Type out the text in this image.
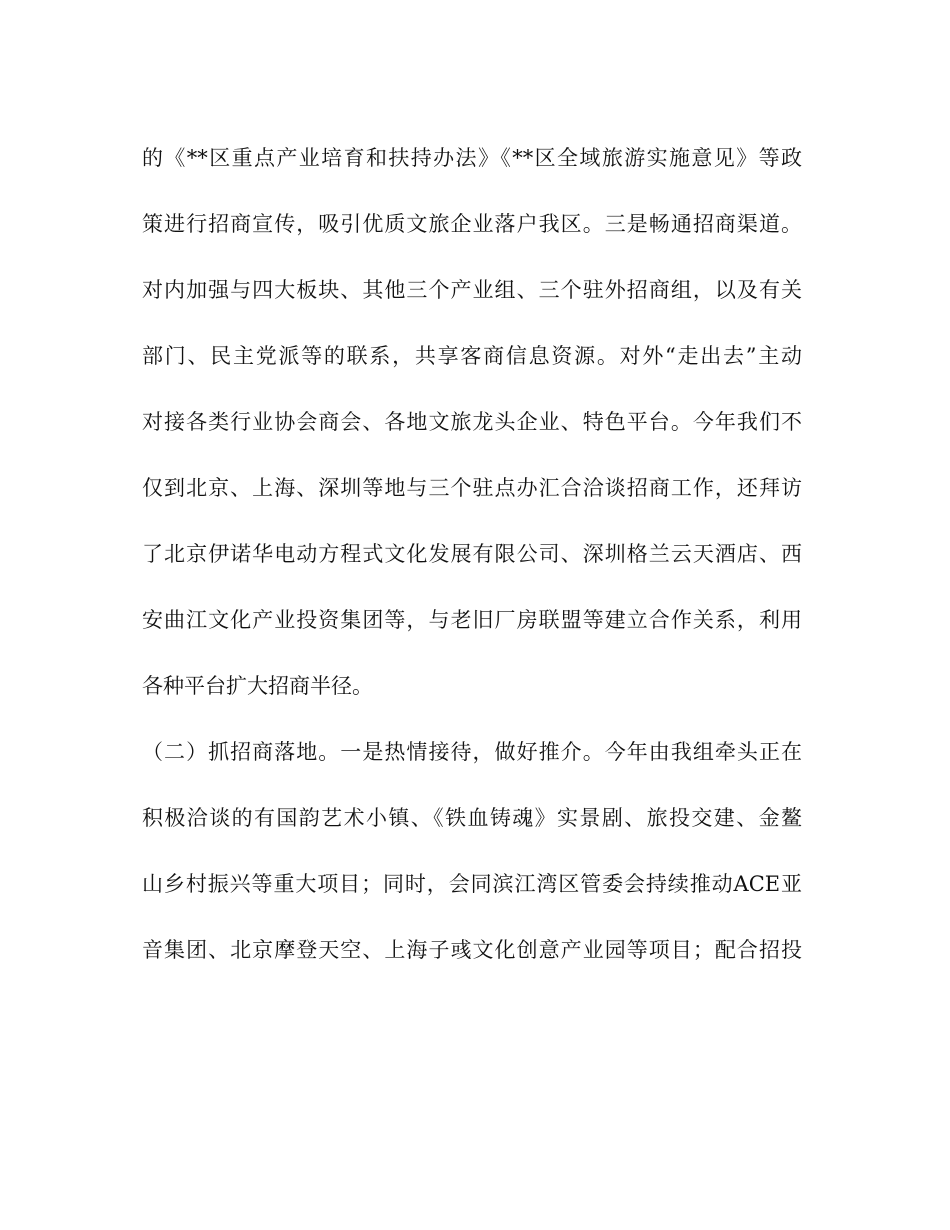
的《**区重点产业培育和扶持办法》《**区全域旅游实施意见》等政
策进行招商宣传，吸引优质文旅企业落户我区。三是畅通招商渠道。
对内加强与四大板块、其他三个产业组、三个驻外招商组，以及有关
部门、民主党派等的联系，共享客商信息资源。对外“走出去”主动
对接各类行业协会商会、各地文旅龙头企业、特色平台。今年我们不
仅到北京、上海、深圳等地与三个驻点办汇合洽谈招商工作，还拜访
了北京伊诺华电动方程式文化发展有限公司、深圳格兰云天酒店、西
安曲江文化产业投资集团等，与老旧厂房联盟等建立合作关系，利用
各种平台扩大招商半径。
（二）抓招商落地。一是热情接待，做好推介。今年由我组牵头正在
积极洽谈的有国韵艺术小镇、《铁血铸魂》实景剧、旅投交建、金鳌
山乡村振兴等重大项目；同时，会同滨江湾区管委会持续推动ACE亚
音集团、北京摩登天空、上海子彧文化创意产业园等项目；配合招投
